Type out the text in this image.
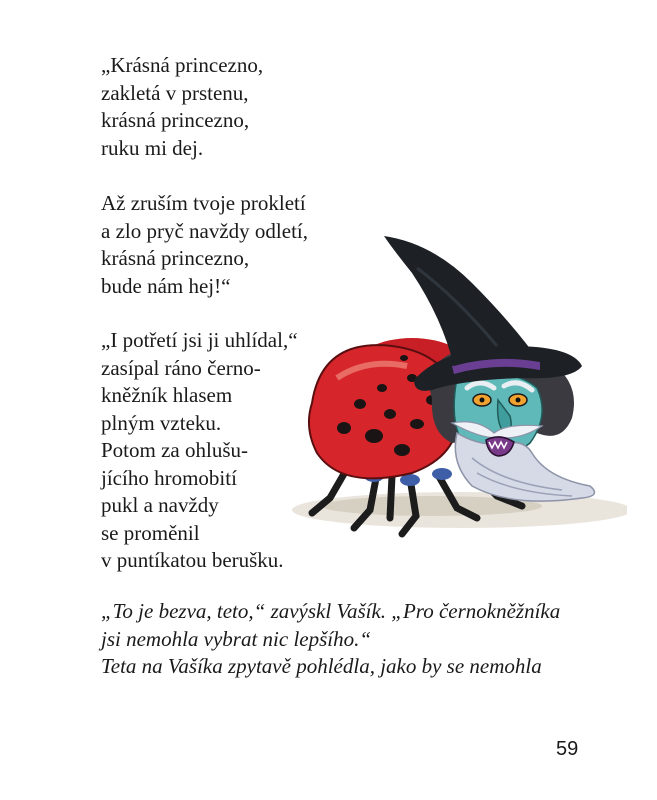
„Krásná princezno,
zakletá v prstenu,
krásná princezno,
ruku mi dej.

Až zruším tvoje prokletí
a zlo pryč navždy odletí,
krásná princezno,
bude nám hej!“

„I potřetí jsi ji uhlídal,“
zasípal ráno černo-
kněžník hlasem
plným vzteku.
Potom za ohlušu-
jícího hromobití
pukl a navždy
se proměnil
v puntíkatou berušku.

„To je bezva, teto,“ zavýskl Vašík. „Pro černokněžníka
jsi nemohla vybrat nic lepšího.“
Teta na Vašíka zpytavě pohlédla, jako by se nemohla
59
